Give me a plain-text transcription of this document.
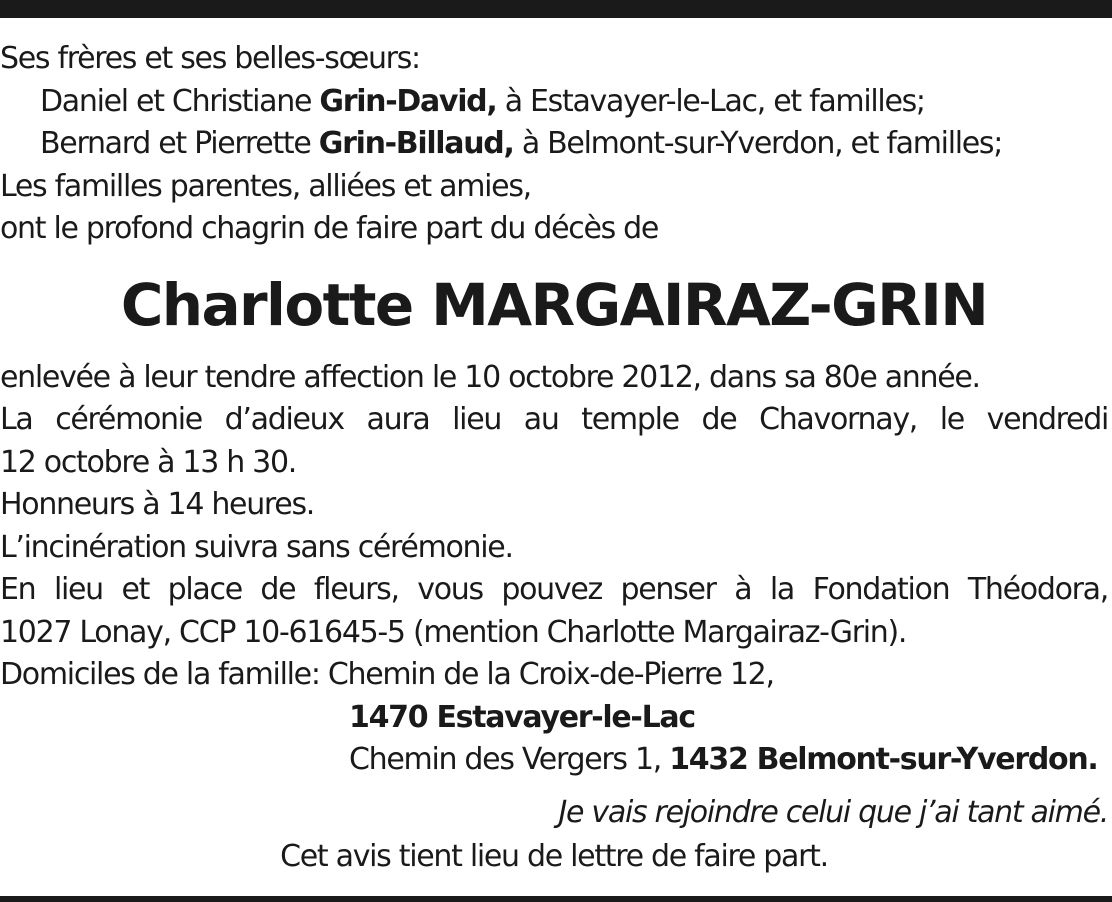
Ses frères et ses belles-sœurs:
Daniel et Christiane Grin-David, à Estavayer-le-Lac, et familles;
Bernard et Pierrette Grin-Billaud, à Belmont-sur-Yverdon, et familles;
Les familles parentes, alliées et amies,
ont le profond chagrin de faire part du décès de
Charlotte MARGAIRAZ-GRIN
enlevée à leur tendre affection le 10 octobre 2012, dans sa 80e année.
La cérémonie d’adieux aura lieu au temple de Chavornay, le vendredi
12 octobre à 13 h 30.
Honneurs à 14 heures.
L’incinération suivra sans cérémonie.
En lieu et place de fleurs, vous pouvez penser à la Fondation Théodora,
1027 Lonay, CCP 10-61645-5 (mention Charlotte Margairaz-Grin).
Domiciles de la famille: Chemin de la Croix-de-Pierre 12,
1470 Estavayer-le-Lac
Chemin des Vergers 1, 1432 Belmont-sur-Yverdon.
Je vais rejoindre celui que j’ai tant aimé.
Cet avis tient lieu de lettre de faire part.
